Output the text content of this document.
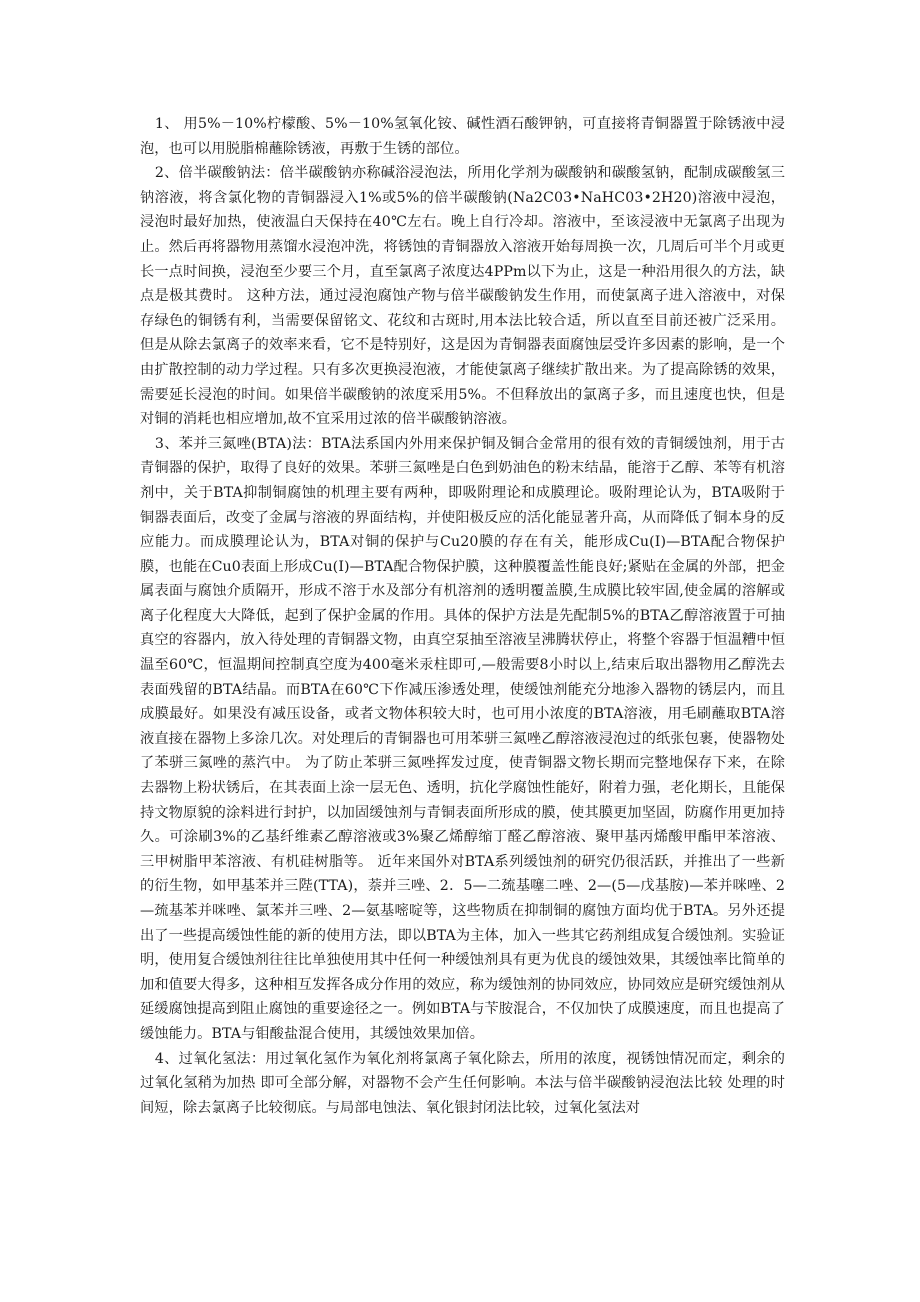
1、 用5%－10%柠檬酸、5%－10%氢氧化铵、碱性酒石酸钾钠，可直接将青铜器置于除锈液中浸泡，也可以用脱脂棉蘸除锈液，再敷于生锈的部位。

2、倍半碳酸钠法：倍半碳酸钠亦称碱浴浸泡法，所用化学剂为碳酸钠和碳酸氢钠，配制成碳酸氢三钠溶液，将含氯化物的青铜器浸入1%或5%的倍半碳酸钠(Na2C03•NaHC03•2H20)溶液中浸泡，浸泡时最好加热，使液温白天保持在40℃左右。晚上自行冷却。溶液中，至该浸液中无氯离子出现为止。然后再将器物用蒸馏水浸泡冲洗，将锈蚀的青铜器放入溶液开始每周换一次，几周后可半个月或更长一点时间换，浸泡至少要三个月，直至氯离子浓度达4PPm以下为止，这是一种沿用很久的方法，缺点是极其费时。 这种方法，通过浸泡腐蚀产物与倍半碳酸钠发生作用，而使氯离子进入溶液中，对保存绿色的铜锈有利，当需要保留铭文、花纹和古斑时,用本法比较合适，所以直至目前还被广泛采用。但是从除去氯离子的效率来看，它不是特别好，这是因为青铜器表面腐蚀层受许多因素的影响，是一个由扩散控制的动力学过程。只有多次更换浸泡液，才能使氯离子继续扩散出来。为了提高除锈的效果，需要延长浸泡的时间。如果倍半碳酸钠的浓度采用5%。不但释放出的氯离子多，而且速度也快，但是对铜的消耗也相应增加,故不宜采用过浓的倍半碳酸钠溶液。

3、苯并三氮唑(BTA)法：BTA法系国内外用来保护铜及铜合金常用的很有效的青铜缓蚀剂，用于古青铜器的保护，取得了良好的效果。苯骈三氮唑是白色到奶油色的粉末结晶，能溶于乙醇、苯等有机溶剂中，关于BTA抑制铜腐蚀的机理主要有两种，即吸附理论和成膜理论。吸附理论认为，BTA吸附于铜器表面后，改变了金属与溶液的界面结构，并使阳极反应的活化能显著升高，从而降低了铜本身的反应能力。而成膜理论认为，BTA对铜的保护与Cu20膜的存在有关，能形成Cu(I)—BTA配合物保护膜，也能在Cu0表面上形成Cu(I)—BTA配合物保护膜，这种膜覆盖性能良好;紧贴在金属的外部，把金属表面与腐蚀介质隔开，形成不溶于水及部分有机溶剂的透明覆盖膜,生成膜比较牢固,使金属的溶解或离子化程度大大降低，起到了保护金属的作用。具体的保护方法是先配制5%的BTA乙醇溶液置于可抽真空的容器内，放入待处理的青铜器文物，由真空泵抽至溶液呈沸腾状停止，将整个容器于恒温糟中恒温至60℃，恒温期间控制真空度为400毫米汞柱即可,—般需要8小时以上,结束后取出器物用乙醇洗去表面残留的BTA结晶。而BTA在60℃下作减压渗透处理，使缓蚀剂能充分地渗入器物的锈层内，而且成膜最好。如果没有减压设备，或者文物体积较大时，也可用小浓度的BTA溶液，用毛刷蘸取BTA溶液直接在器物上多涂几次。对处理后的青铜器也可用苯骈三氮唑乙醇溶液浸泡过的纸张包裹，使器物处了苯骈三氮唑的蒸汽中。 为了防止苯骈三氮唑挥发过度，使青铜器文物长期而完整地保存下来，在除去器物上粉状锈后，在其表面上涂一层无色、透明，抗化学腐蚀性能好，附着力强，老化期长，且能保持文物原貌的涂料进行封护，以加固缓蚀剂与青铜表面所形成的膜，使其膜更加坚固，防腐作用更加持久。可涂刷3%的乙基纤维素乙醇溶液或3%聚乙烯醇缩丁醛乙醇溶液、聚甲基丙烯酸甲酯甲苯溶液、三甲树脂甲苯溶液、有机硅树脂等。 近年来国外对BTA系列缓蚀剂的研究仍很活跃，并推出了一些新的衍生物，如甲基苯并三陛(TTA)，萘并三唑、2．5—二巯基噻二唑、2—(5—戊基胺)—苯并咪唑、2—巯基苯并咪唑、氯苯并三唑、2—氨基嘧啶等，这些物质在抑制铜的腐蚀方面均优于BTA。另外还提出了一些提高缓蚀性能的新的使用方法，即以BTA为主体，加入一些其它药剂组成复合缓蚀剂。实验证明，使用复合缓蚀剂往往比单独使用其中任何一种缓蚀剂具有更为优良的缓蚀效果，其缓蚀率比简单的加和值要大得多，这种相互发挥各成分作用的效应，称为缓蚀剂的协同效应，协同效应是研究缓蚀剂从延缓腐蚀提高到阻止腐蚀的重要途径之一。例如BTA与苄胺混合，不仅加快了成膜速度，而且也提高了缓蚀能力。BTA与钼酸盐混合使用，其缓蚀效果加倍。

4、过氧化氢法：用过氧化氢作为氧化剂将氯离子氧化除去，所用的浓度，视锈蚀情况而定，剩余的过氧化氢稍为加热 即可全部分解，对器物不会产生任何影响。本法与倍半碳酸钠浸泡法比较 处理的时间短，除去氯离子比较彻底。与局部电蚀法、氧化银封闭法比较，过氧化氢法对
